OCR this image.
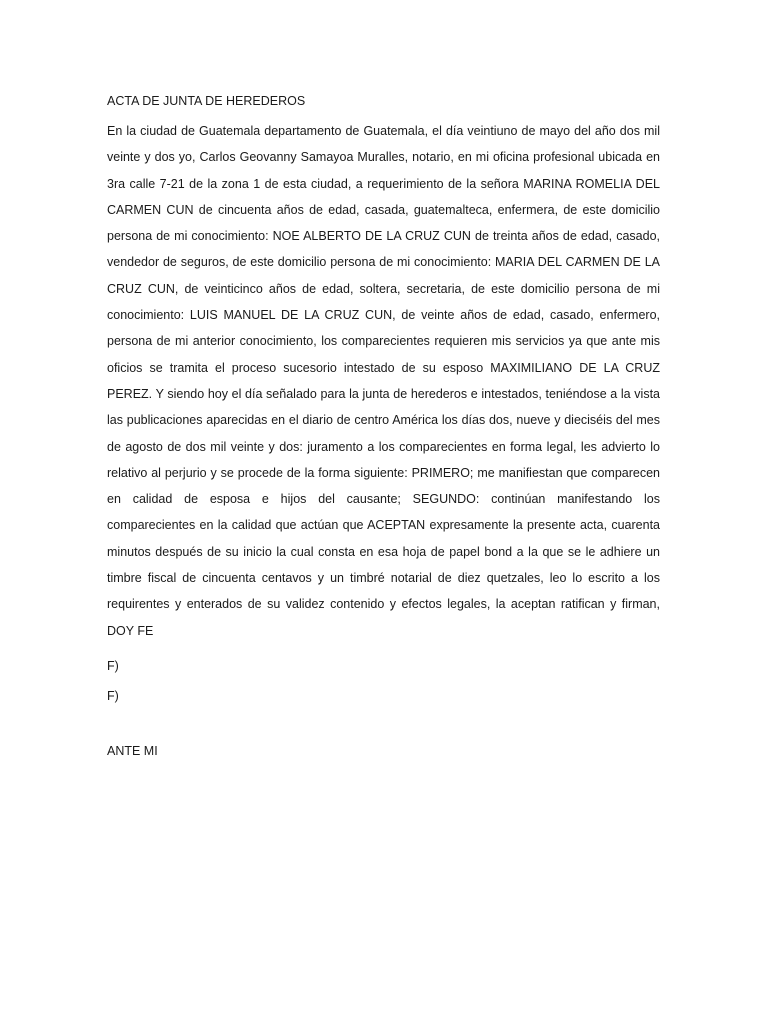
ACTA DE JUNTA DE HEREDEROS

En la ciudad de Guatemala departamento de Guatemala, el día veintiuno de mayo del año dos mil veinte y dos yo, Carlos Geovanny Samayoa Muralles, notario, en mi oficina profesional ubicada en 3ra calle 7-21 de la zona 1 de esta ciudad, a requerimiento de la señora MARINA ROMELIA DEL CARMEN CUN de cincuenta años de edad, casada, guatemalteca, enfermera, de este domicilio persona de mi conocimiento: NOE ALBERTO DE LA CRUZ CUN de treinta años de edad, casado, vendedor de seguros, de este domicilio persona de mi conocimiento: MARIA DEL CARMEN DE LA CRUZ CUN, de veinticinco años de edad, soltera, secretaria, de este domicilio persona de mi conocimiento: LUIS MANUEL DE LA CRUZ CUN, de veinte años de edad, casado, enfermero, persona de mi anterior conocimiento, los comparecientes requieren mis servicios ya que ante mis oficios se tramita el proceso sucesorio intestado de su esposo MAXIMILIANO DE LA CRUZ PEREZ. Y siendo hoy el día señalado para la junta de herederos e intestados, teniéndose a la vista las publicaciones aparecidas en el diario de centro América los días dos, nueve y dieciséis del mes de agosto de dos mil veinte y dos: juramento a los comparecientes en forma legal, les advierto lo relativo al perjurio y se procede de la forma siguiente: PRIMERO; me manifiestan que comparecen en calidad de esposa e hijos del causante; SEGUNDO: continúan manifestando los comparecientes en la calidad que actúan que ACEPTAN expresamente la presente acta, cuarenta minutos después de su inicio la cual consta en esa hoja de papel bond a la que se le adhiere un timbre fiscal de cincuenta centavos y un timbré notarial de diez quetzales, leo lo escrito a los requirentes y enterados de su validez contenido y efectos legales, la aceptan ratifican y firman, DOY FE

F)
F)
ANTE MI
